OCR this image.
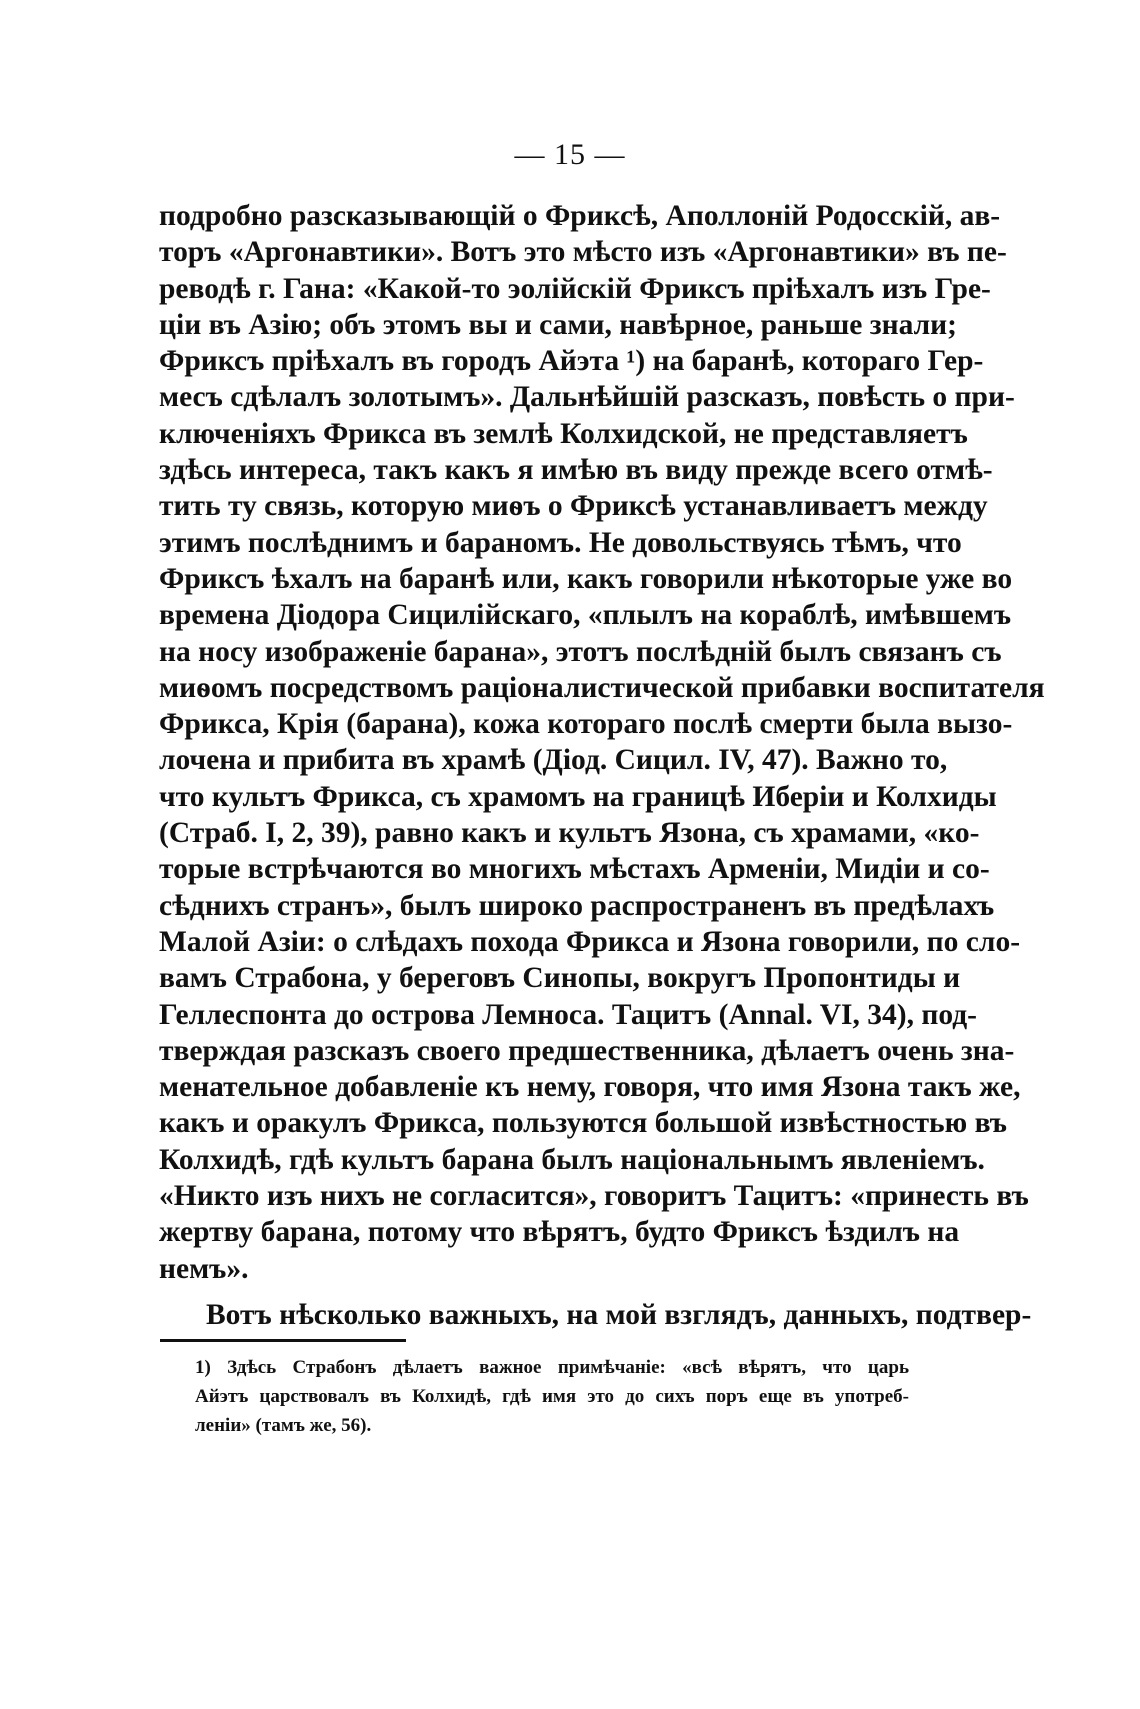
— 15 —
подробно разсказывающій о Фриксѣ, Аполлоній Родосскій, ав-
торъ «Аргонавтики». Вотъ это мѣсто изъ «Аргонавтики» въ пе-
реводѣ г. Гана: «Какой-то эолійскій Фриксъ пріѣхалъ изъ Гре-
ціи въ Азію; объ этомъ вы и сами, навѣрное, раньше знали;
Фриксъ пріѣхалъ въ городъ Айэта ¹) на баранѣ, котораго Гер-
месъ сдѣлалъ золотымъ». Дальнѣйшій разсказъ, повѣсть о при-
ключеніяхъ Фрикса въ землѣ Колхидской, не представляетъ
здѣсь интереса, такъ какъ я имѣю въ виду прежде всего отмѣ-
тить ту связь, которую миѳъ о Фриксѣ устанавливаетъ между
этимъ послѣднимъ и бараномъ. Не довольствуясь тѣмъ, что
Фриксъ ѣхалъ на баранѣ или, какъ говорили нѣкоторые уже во
времена Діодора Сицилійскаго, «плылъ на кораблѣ, имѣвшемъ
на носу изображеніе барана», этотъ послѣдній былъ связанъ съ
миѳомъ посредствомъ раціоналистической прибавки воспитателя
Фрикса, Крія (барана), кожа котораго послѣ смерти была вызо-
лочена и прибита въ храмѣ (Діод. Сицил. IV, 47). Важно то,
что культъ Фрикса, съ храмомъ на границѣ Иберіи и Колхиды
(Страб. I, 2, 39), равно какъ и культъ Язона, съ храмами, «ко-
торые встрѣчаются во многихъ мѣстахъ Арменіи, Мидіи и со-
сѣднихъ странъ», былъ широко распространенъ въ предѣлахъ
Малой Азіи: о слѣдахъ похода Фрикса и Язона говорили, по сло-
вамъ Страбона, у береговъ Синопы, вокругъ Пропонтиды и
Геллеспонта до острова Лемноса. Тацитъ (Annal. VI, 34), под-
тверждая разсказъ своего предшественника, дѣлаетъ очень зна-
менательное добавленіе къ нему, говоря, что имя Язона такъ же,
какъ и оракулъ Фрикса, пользуются большой извѣстностью въ
Колхидѣ, гдѣ культъ барана былъ національнымъ явленіемъ.
«Никто изъ нихъ не согласится», говоритъ Тацитъ: «принесть въ
жертву барана, потому что вѣрятъ, будто Фриксъ ѣздилъ на
немъ».
Вотъ нѣсколько важныхъ, на мой взглядъ, данныхъ, подтвер-
1) Здѣсь Страбонъ дѣлаетъ важное примѣчаніе: «всѣ вѣрятъ, что царь
Айэтъ царствовалъ въ Колхидѣ, гдѣ имя это до сихъ поръ еще въ употреб-
леніи» (тамъ же, 56).
